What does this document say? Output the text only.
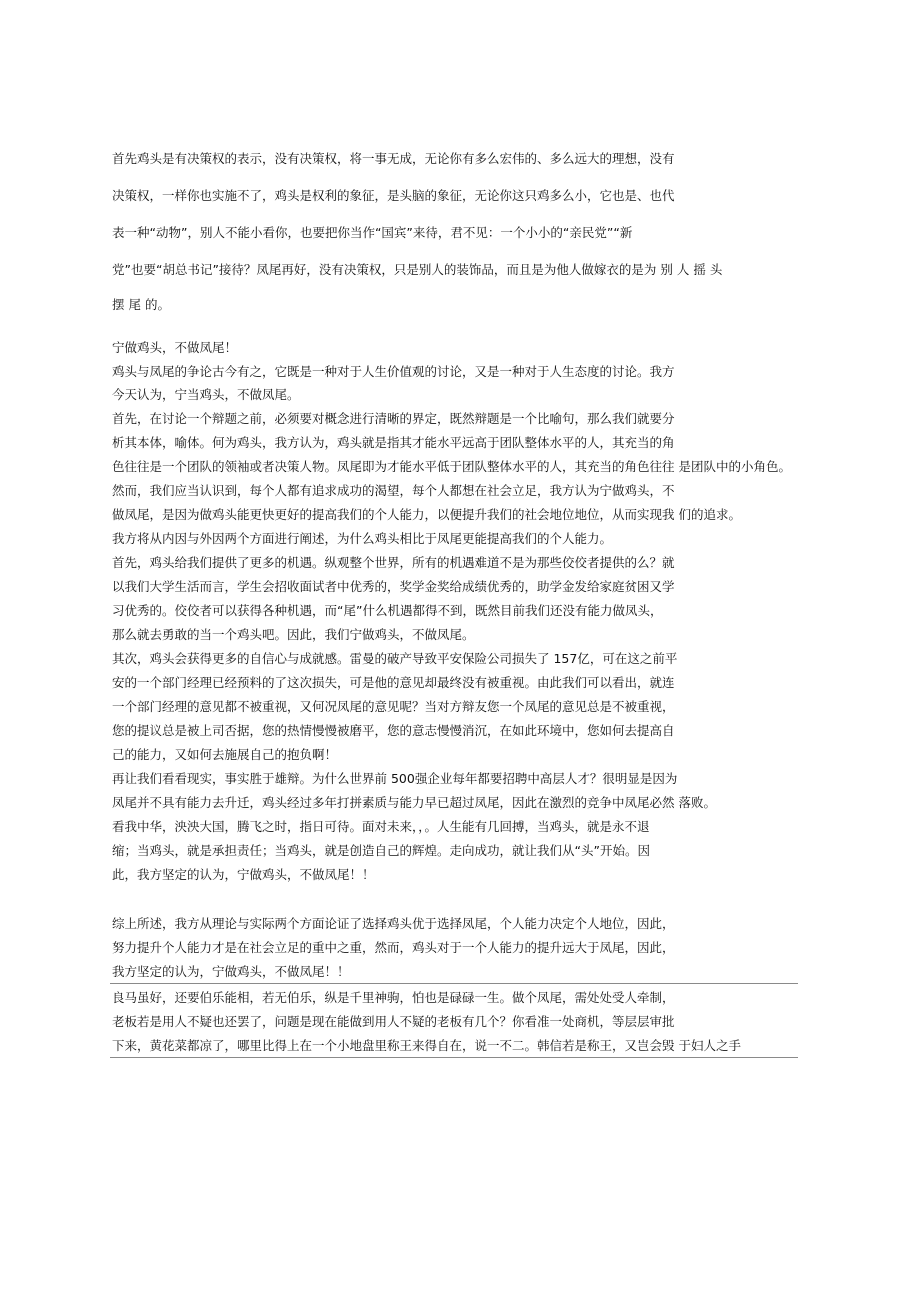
首先鸡头是有决策权的表示，没有决策权，将一事无成，无论你有多么宏伟的、多么远大的理想，没有

决策权，一样你也实施不了，鸡头是权利的象征，是头脑的象征，无论你这只鸡多么小，它也是、也代

表一种“动物”，别人不能小看你，也要把你当作“国宾”来待，君不见：一个小小的“亲民党”“新

党”也要“胡总书记”接待？凤尾再好，没有决策权，只是别人的装饰品，而且是为他人做嫁衣的是为 别 人 摇 头

摆 尾 的。

宁做鸡头，不做凤尾！

鸡头与凤尾的争论古今有之，它既是一种对于人生价值观的讨论，又是一种对于人生态度的讨论。我方

今天认为，宁当鸡头，不做凤尾。

首先，在讨论一个辩题之前，必须要对概念进行清晰的界定，既然辩题是一个比喻句，那么我们就要分

析其本体，喻体。何为鸡头，我方认为，鸡头就是指其才能水平远高于团队整体水平的人，其充当的角

色往往是一个团队的领袖或者决策人物。凤尾即为才能水平低于团队整体水平的人，其充当的角色往往 是团队中的小角色。

然而，我们应当认识到，每个人都有追求成功的渴望，每个人都想在社会立足，我方认为宁做鸡头，不

做凤尾，是因为做鸡头能更快更好的提高我们的个人能力，以便提升我们的社会地位地位，从而实现我 们的追求。

我方将从内因与外因两个方面进行阐述，为什么鸡头相比于凤尾更能提高我们的个人能力。

首先，鸡头给我们提供了更多的机遇。纵观整个世界，所有的机遇难道不是为那些佼佼者提供的么？就

以我们大学生活而言，学生会招收面试者中优秀的，奖学金奖给成绩优秀的，助学金发给家庭贫困又学

习优秀的。佼佼者可以获得各种机遇，而“尾”什么机遇都得不到，既然目前我们还没有能力做凤头，

那么就去勇敢的当一个鸡头吧。因此，我们宁做鸡头，不做凤尾。

其次，鸡头会获得更多的自信心与成就感。雷曼的破产导致平安保险公司损失了 157亿，可在这之前平

安的一个部门经理已经预料的了这次损失，可是他的意见却最终没有被重视。由此我们可以看出，就连

一个部门经理的意见都不被重视，又何况凤尾的意见呢？当对方辩友您一个凤尾的意见总是不被重视，

您的提议总是被上司否据，您的热情慢慢被磨平，您的意志慢慢消沉，在如此环境中，您如何去提高自

己的能力，又如何去施展自己的抱负啊！

再让我们看看现实，事实胜于雄辩。为什么世界前 500强企业每年都要招聘中高层人才？很明显是因为

凤尾并不具有能力去升迁，鸡头经过多年打拼素质与能力早已超过凤尾，因此在激烈的竞争中凤尾必然 落败。

看我中华，泱泱大国，腾飞之时，指日可待。面对未来，，。人生能有几回搏，当鸡头，就是永不退

缩；当鸡头，就是承担责任；当鸡头，就是创造自己的辉煌。走向成功，就让我们从“头”开始。因

此，我方坚定的认为，宁做鸡头，不做凤尾！！

综上所述，我方从理论与实际两个方面论证了选择鸡头优于选择凤尾，个人能力决定个人地位，因此，

努力提升个人能力才是在社会立足的重中之重，然而，鸡头对于一个人能力的提升远大于凤尾，因此，

我方坚定的认为，宁做鸡头，不做凤尾！！

良马虽好，还要伯乐能相，若无伯乐，纵是千里神驹，怕也是碌碌一生。做个凤尾，需处处受人牵制，

老板若是用人不疑也还罢了，问题是现在能做到用人不疑的老板有几个？你看准一处商机，等层层审批

下来，黄花菜都凉了，哪里比得上在一个小地盘里称王来得自在，说一不二。韩信若是称王，又岂会毁 于妇人之手
